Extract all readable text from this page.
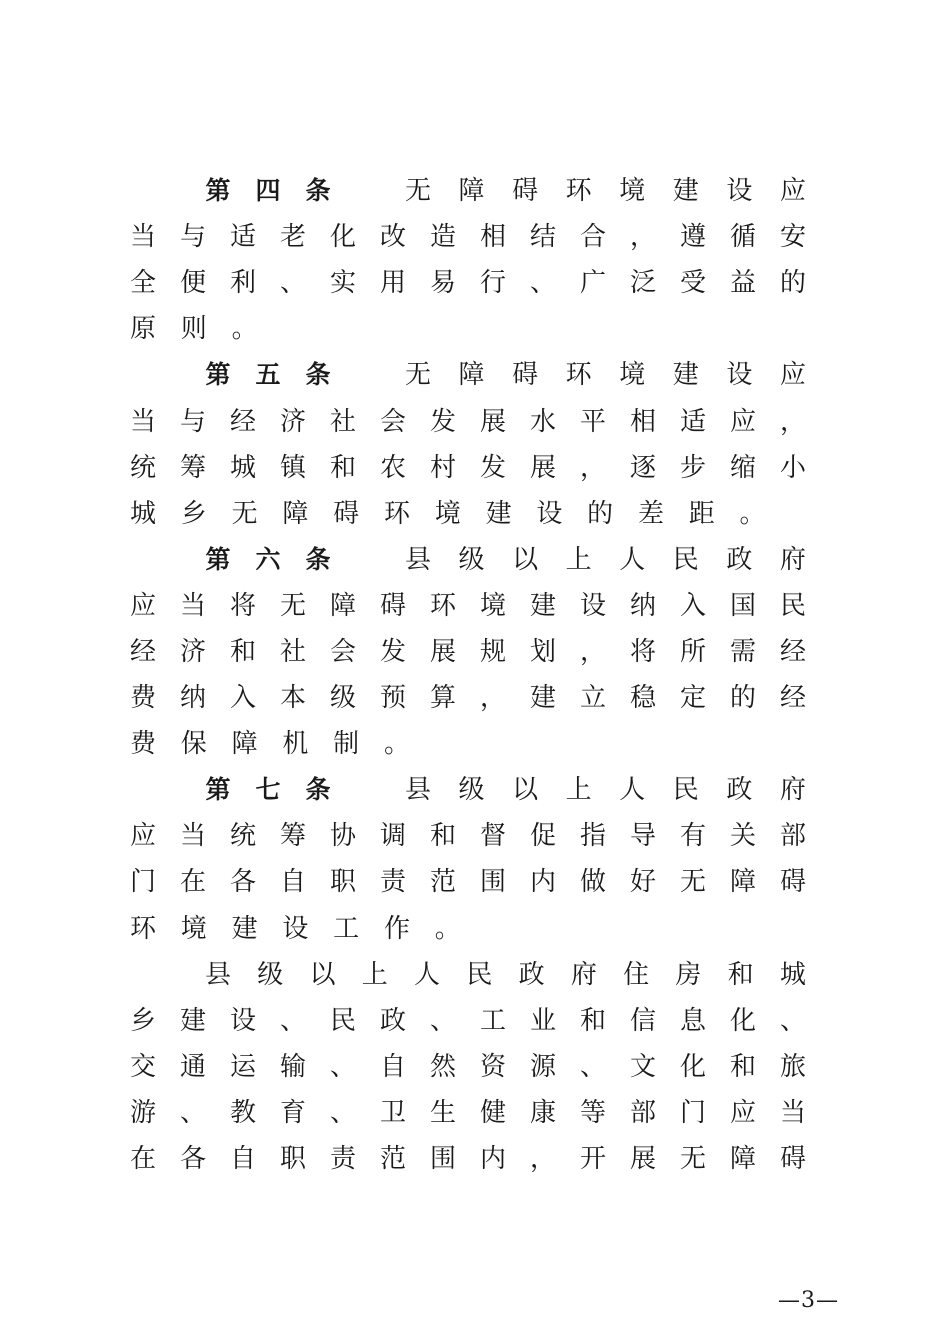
第 四 条	无 障 碍 环 境 建 设 应
当 与 适 老 化 改 造 相 结 合 ， 遵 循 安
全 便 利 、 实 用 易 行 、 广 泛 受 益 的
原 则 。
第 五 条	无 障 碍 环 境 建 设 应
当 与 经 济 社 会 发 展 水 平 相 适 应 ，
统 筹 城 镇 和 农 村 发 展 ， 逐 步 缩 小
城 乡 无 障 碍 环 境 建 设 的 差 距 。
第 六 条	县 级 以 上 人 民 政 府
应 当 将 无 障 碍 环 境 建 设 纳 入 国 民
经 济 和 社 会 发 展 规 划 ， 将 所 需 经
费 纳 入 本 级 预 算 ， 建 立 稳 定 的 经
费 保 障 机 制 。
第 七 条	县 级 以 上 人 民 政 府
应 当 统 筹 协 调 和 督 促 指 导 有 关 部
门 在 各 自 职 责 范 围 内 做 好 无 障 碍
环 境 建 设 工 作 。
县 级 以 上 人 民 政 府 住 房 和 城
乡 建 设 、 民 政 、 工 业 和 信 息 化 、
交 通 运 输 、 自 然 资 源 、 文 化 和 旅
游 、 教 育 、 卫 生 健 康 等 部 门 应 当
在 各 自 职 责 范 围 内 ， 开 展 无 障 碍
—3—
